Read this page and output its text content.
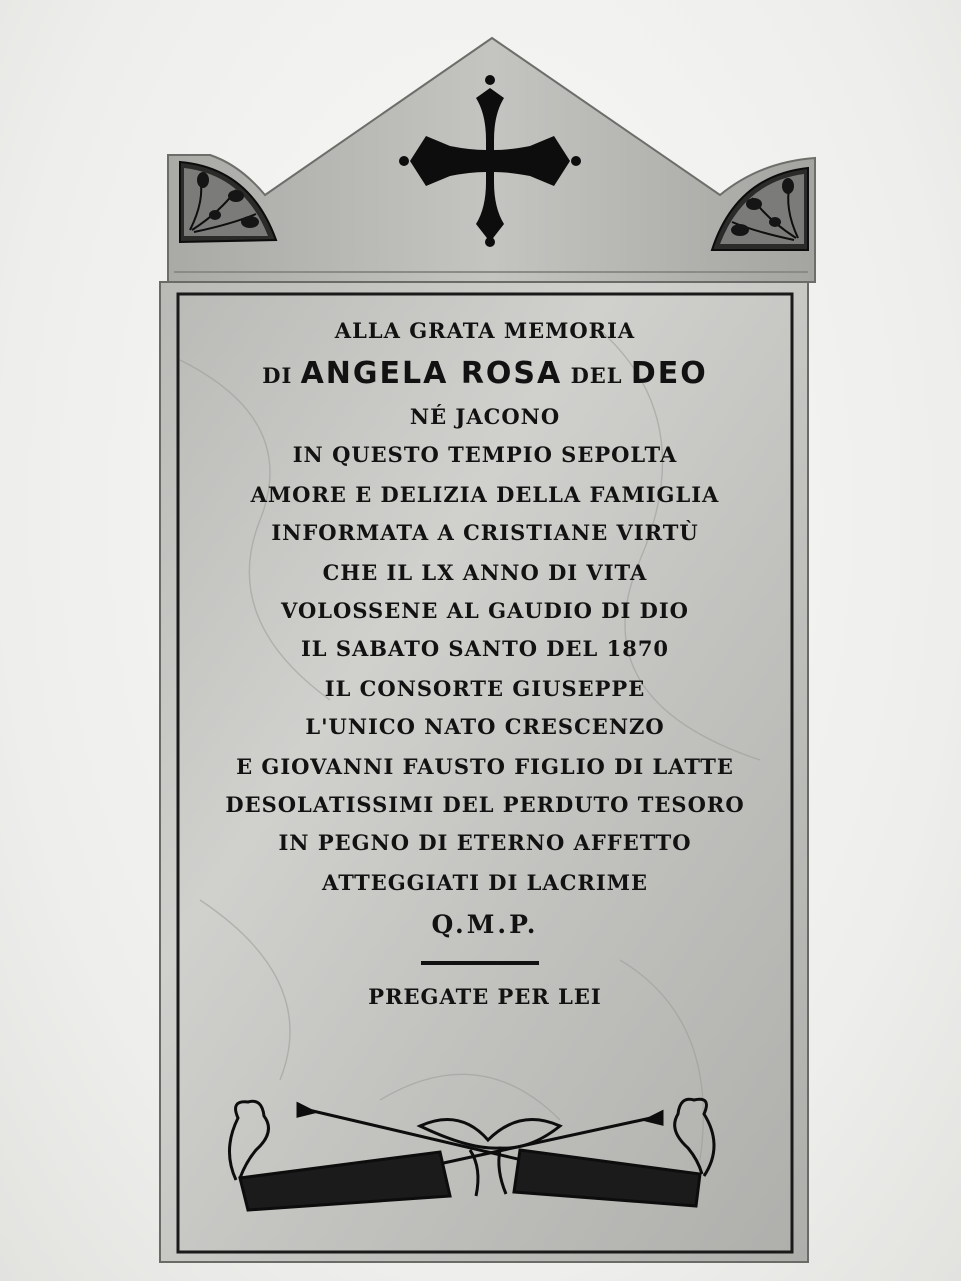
ALLA GRATA MEMORIA
DI ANGELA ROSA DEL DEO
NÉ JACONO
IN QUESTO TEMPIO SEPOLTA
AMORE E DELIZIA DELLA FAMIGLIA
INFORMATA A CRISTIANE VIRTÙ
CHE IL LX ANNO DI VITA
VOLOSSENE AL GAUDIO DI DIO
IL SABATO SANTO DEL 1870
IL CONSORTE GIUSEPPE
L'UNICO NATO CRESCENZO
E GIOVANNI FAUSTO FIGLIO DI LATTE
DESOLATISSIMI DEL PERDUTO TESORO
IN PEGNO DI ETERNO AFFETTO
ATTEGGIATI DI LACRIME
Q.M.P.
PREGATE PER LEI
